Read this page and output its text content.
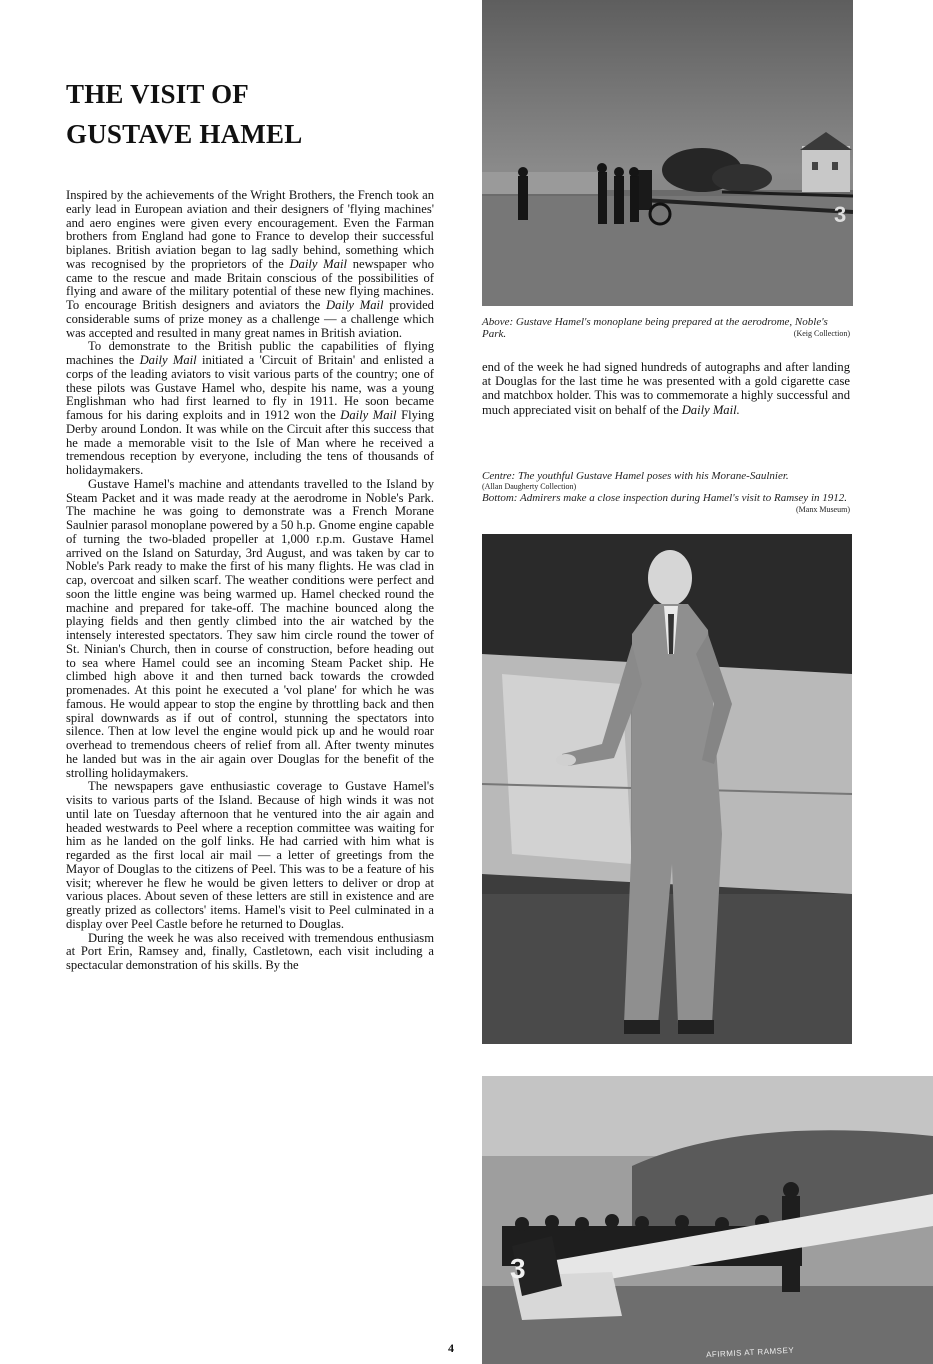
THE VISIT OF
GUSTAVE HAMEL

Inspired by the achievements of the Wright Brothers, the French took an early lead in European aviation and their designers of 'flying machines' and aero engines were given every encouragement. Even the Farman brothers from England had gone to France to develop their successful biplanes. British aviation began to lag sadly behind, something which was recognised by the proprietors of the Daily Mail newspaper who came to the rescue and made Britain conscious of the possibilities of flying and aware of the military potential of these new flying machines. To encourage British designers and aviators the Daily Mail provided considerable sums of prize money as a challenge — a challenge which was accepted and resulted in many great names in British aviation.

To demonstrate to the British public the capabilities of flying machines the Daily Mail initiated a 'Circuit of Britain' and enlisted a corps of the leading aviators to visit various parts of the country; one of these pilots was Gustave Hamel who, despite his name, was a young Englishman who had first learned to fly in 1911. He soon became famous for his daring exploits and in 1912 won the Daily Mail Flying Derby around London. It was while on the Circuit after this success that he made a memorable visit to the Isle of Man where he received a tremendous reception by everyone, including the tens of thousands of holidaymakers.

Gustave Hamel's machine and attendants travelled to the Island by Steam Packet and it was made ready at the aerodrome in Noble's Park. The machine he was going to demonstrate was a French Morane Saulnier parasol monoplane powered by a 50 h.p. Gnome engine capable of turning the two-bladed propeller at 1,000 r.p.m. Gustave Hamel arrived on the Island on Saturday, 3rd August, and was taken by car to Noble's Park ready to make the first of his many flights. He was clad in cap, overcoat and silken scarf. The weather conditions were perfect and soon the little engine was being warmed up. Hamel checked round the machine and prepared for take-off. The machine bounced along the playing fields and then gently climbed into the air watched by the intensely interested spectators. They saw him circle round the tower of St. Ninian's Church, then in course of construction, before heading out to sea where Hamel could see an incoming Steam Packet ship. He climbed high above it and then turned back towards the crowded promenades. At this point he executed a 'vol plane' for which he was famous. He would appear to stop the engine by throttling back and then spiral downwards as if out of control, stunning the spectators into silence. Then at low level the engine would pick up and he would roar overhead to tremendous cheers of relief from all. After twenty minutes he landed but was in the air again over Douglas for the benefit of the strolling holidaymakers.

The newspapers gave enthusiastic coverage to Gustave Hamel's visits to various parts of the Island. Because of high winds it was not until late on Tuesday afternoon that he ventured into the air again and headed westwards to Peel where a reception committee was waiting for him as he landed on the golf links. He had carried with him what is regarded as the first local air mail — a letter of greetings from the Mayor of Douglas to the citizens of Peel. This was to be a feature of his visit; wherever he flew he would be given letters to deliver or drop at various places. About seven of these letters are still in existence and are greatly prized as collectors' items. Hamel's visit to Peel culminated in a display over Peel Castle before he returned to Douglas.

During the week he was also received with tremendous enthusiasm at Port Erin, Ramsey and, finally, Castletown, each visit including a spectacular demonstration of his skills. By the

3
Above: Gustave Hamel's monoplane being prepared at the aerodrome, Noble's Park.	(Keig Collection)

end of the week he had signed hundreds of autographs and after landing at Douglas for the last time he was presented with a gold cigarette case and matchbox holder. This was to commemorate a highly successful and much appreciated visit on behalf of the Daily Mail.

Centre: The youthful Gustave Hamel poses with his Morane-Saulnier.
(Allan Daugherty Collection)
Bottom: Admirers make a close inspection during Hamel's visit to Ramsey in 1912.
(Manx Museum)
3
AFIRMIS AT RAMSEY
4
